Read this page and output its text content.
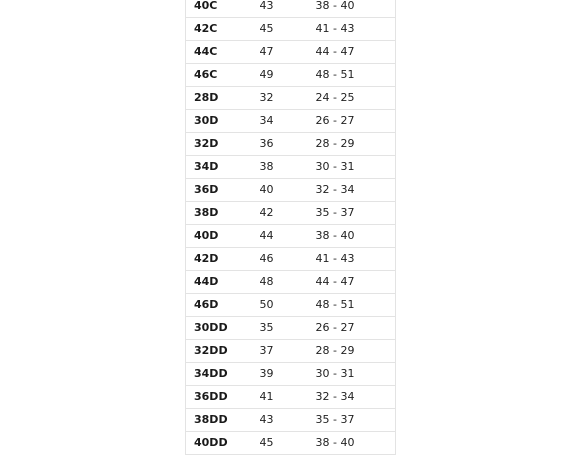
40C	43	38 - 40
42C	45	41 - 43
44C	47	44 - 47
46C	49	48 - 51
28D	32	24 - 25
30D	34	26 - 27
32D	36	28 - 29
34D	38	30 - 31
36D	40	32 - 34
38D	42	35 - 37
40D	44	38 - 40
42D	46	41 - 43
44D	48	44 - 47
46D	50	48 - 51
30DD	35	26 - 27
32DD	37	28 - 29
34DD	39	30 - 31
36DD	41	32 - 34
38DD	43	35 - 37
40DD	45	38 - 40
